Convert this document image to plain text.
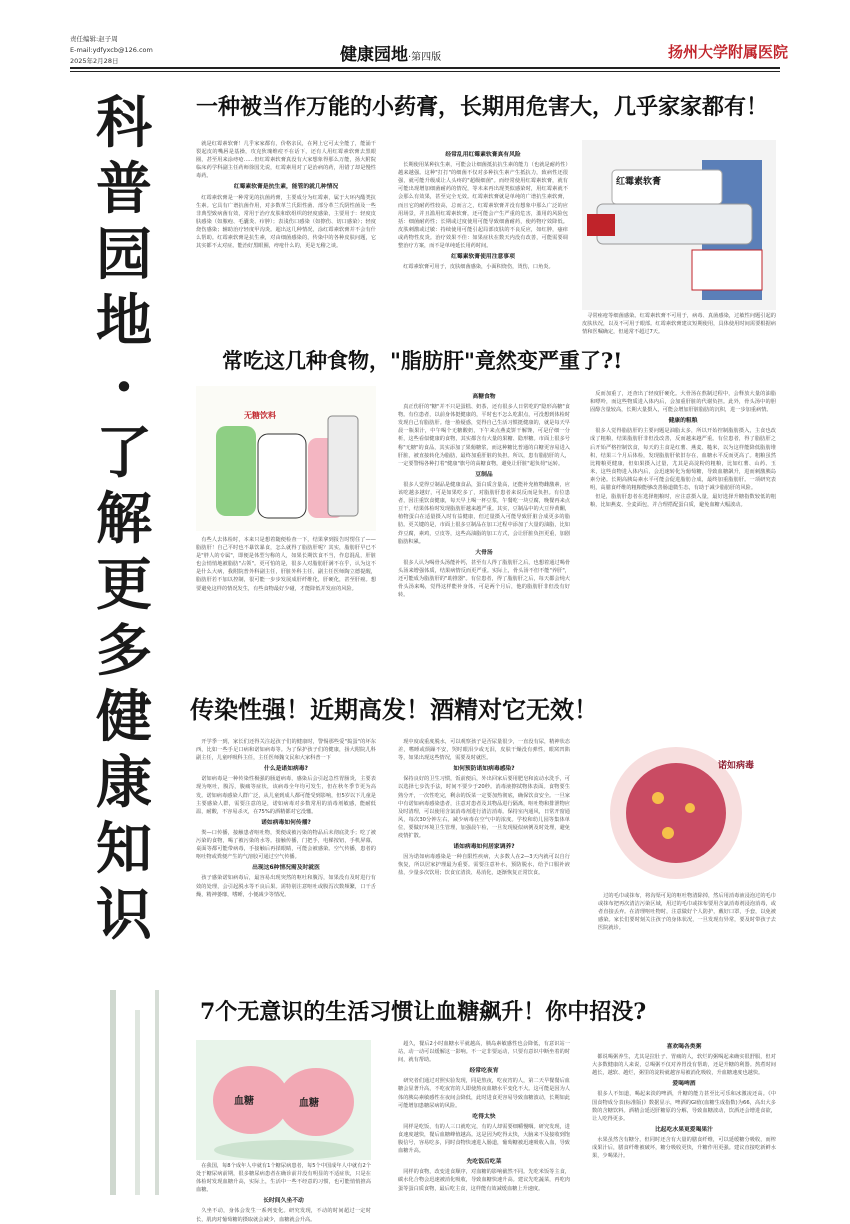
责任编辑:赵子周
E-mail:ydfyxcb@126.com
2025年2月28日	健康园地·第四版	扬州大学附属医院
科
普
园
地
·
了
解
更
多
健
康
知
识
一种被当作万能的小药膏，长期用危害大，几乎家家都有！

就是红霉素软膏！几乎家家都有，价格亲民，在网上它可太全能了，能涌干裂起皮的嘴唇是基操，攻克狄瑰维痘不在话下，还有人用红霉素软膏去黑眼圈，甚至用来涂痔疮……但红霉素软膏真没有大家想象得那么万能，扬大附院临床药学科副主任药师徐国先说，红霉素用对了是治病的药，用错了却是慢性毒药。

红霉素软膏是抗生素，能管的就几种情况

红霉素软膏是一种常见的抗菌药膏，主要成分为红霉素，属于大环内酯类抗生素。它具有广谱抗菌作用，对多数革兰氏阳性菌、部分革兰氏阴性菌及一些非典型致病菌有效，常用于治疗皮肤和软组织的轻度感染，主要用于：轻度皮肤感染（如脓疱、毛囊炎、疖肿）；表浅伤口感染（如擦伤、切口感染）；轻度烧伤感染；辅助治疗轻度甲沟炎。超出这几种情况，涂红霉素软膏并不会有什么帮助。红霉素软膏是抗生素，对由细菌感染的，传染中的各种皮肤问题，它其实都不太对症。能治好黑眼圈，痔疮什么的，更是无稽之谈。

经常乱用红霉素软膏真有风险

长期使用某种抗生素，可能会让细菌抵抗抗生素的能力（也就是耐药性）越来越强。这种"打打"的细菌不仅对多种抗生素产生抵抗力，致病性还很强，就可能升级成让人头疼的"超级细菌"。而经常使用红霉素软膏，就有可能出现增加细菌耐药的情况，等未来再出现类似感染时，用红霉素就不会那么有效果，甚至完全无效。红霉素软膏就是单纯的广谱抗生素软膏，而且它的耐药性较高，总而言之，红霉素软膏并没有想象中那么广泛的应用场景，并且滥用红霉素软膏，还可能会产生严重的危害，滥用的风险包括：细菌耐药性；长期或过度使用可能导致细菌耐药，使药物疗效降低。皮肤刺激或过敏：持续使用可能引起局部皮肤的不良反应，如红肿，瘙痒或药物性皮炎。治疗效果不佳：如果症状在数天内没有改善，可能需要调整治疗方案，而不是单纯延长用药时间。

红霉素软膏使用注意事项

红霉素软膏可用于，皮肤细菌感染，小面积烧伤，烫伤，口角炎。

红霉素软膏

寻常痤疮等细菌感染。红霉素软膏不可用于，病毒、真菌感染，过敏性问题引起的皮肤状况，以及不可用于眼部。红霉素软膏建议短期使用，具体使用时间需要根据病情和医嘱确定，但通常不超过7天。

常吃这几种食物，"脂肪肝"竟然变严重了?!
无糖饮料

有些人去体检时，本来只是想着随便检查一下，结果拿到报告时愣住了——脂肪肝！自己平时也不暴饮暴食，怎么就得了脂肪肝呢？其实，脂肪肝早已不是"胖人的专属"，即便是体型匀称的人，如果长期饮食不当，作息混乱，肝脏也会悄悄地被脂肪"占领"。更可怕的是，很多人对脂肪肝满不在乎，认为这不是什么大病，我附院普外科副主任，肝脏外科主任、副主任医师陶立德提醒，脂肪肝若不加以控制，很可能一步步发展成肝纤维化，肝硬化，甚至肝癌。想要避免这样的情况发生，有些食物最好少碰，才能降低并发症的风险。

高糖食物

真正伤肝的"糖"并不只是蛋糕、奶茶，还有很多人日常吃的"隐形高糖"食物。有位患者，以前身体挺健康的，平时也不怎么吃甜点，可没想到体检时发现自己有脂肪肝。他一脸疑惑，觉得自己生活习惯挺健康的，就是每天早晨一瓶果汁，中午喝个无糖酸奶，下午来点燕麦饼干解馋，可是仔细一分析，这些看似健康的食物，其实都含有大量的果糖、隐形糖。市面上很多号称"无糖"的食品，其实添加了果葡糖浆，而这种糖比普通的白糖更容易进入肝脏，被直接转化为脂肪，最终加重肝脏的负担。所以，患有脂肪肝的人，一定要警惕各种打着"健康"旗号的高糖食物，避免让肝脏"超负荷"运转。

豆制品

很多人觉得豆制品是健康食品，蛋白质含量高，还能补充植物雌激素，应该吃越多越好，可是如果吃多了，对脂肪肝患者来说反而是负担。有位患者，因注重饮食健康，每天早上喝一杯豆浆，午餐吃一块豆腐，晚餐再来点豆干，结果体检时发现脂肪肝越来越严重。其实，豆制品中的大豆异黄酮，植物蛋白在适量摄入时有益健康，但过量摄入可能导致肝脏合成更多的脂肪。更关键的是，市面上很多豆制品在加工过程中添加了大量的油脂，比如炸豆腐，素鸡，豆皮等，这些高油脂的加工方式，会让肝脏负担更重，加剧脂肪积累。

大骨汤

很多人认为喝骨头汤能补钙，甚至有人得了脂肪肝之后，也想着通过喝骨头汤来增强体质，结果病情反而更严重。实际上，骨头汤不但不能"养肝"，还可能成为脂肪肝的"助推器"。有位患者，得了脂肪肝之后，每天都会炖大骨头汤来喝，觉得这样能补身体，可是两个月后，他的脂肪肝非但没有好转。

反而加重了，还查出了轻度肝硬化。大骨汤在熬制过程中，会释放大量的油脂和嘌呤，而这些物质进入体内后，会加重肝脏的代谢负担。此外，骨头汤中的胆固醇含量较高，长期大量摄入，可能会增加肝脏脂肪的沉积，进一步加重病情。

健康的粗粮

很多人觉得脂肪肝的主要问题是油脂太多，所以开始控制脂肪摄入，主食也改成了粗粮，结果脂肪肝非但没改善，反而越来越严重。有位患者，得了脂肪肝之后开始严格控制饮食，每天的主食是红薯、燕麦、糙米，以为这样能降低脂肪堆积，结果三个月后体检，发现脂肪肝依旧存在，血糖水平反而更高了。粗粮虽然比精粮更健康，但如果摄入过量，尤其是高淀粉的粗粮，比如红薯、山药、玉米，这些食物进入体内后，会迅速转化为葡萄糖，导致血糖飙升，进而刺激胰岛素分泌。长期高胰岛素水平可能会促进脂肪合成，最终加重脂肪肝。一项研究表明，高膳食纤维的粗粮能够改善肠道微生态，有助于减少脂肪肝的风险。

但是，脂肪肝患者在选择粗粮时，应注意摄入量，最好选择升糖指数较低的粗粮，比如燕麦、全麦面包，并合理搭配蛋白质，避免血糖大幅波动。

传染性强！近期高发！酒精对它无效！

开学季一到，家长们还得关注起孩子们的健康时，警惕那些爱"捣蛋"的坏东西，比如一些手足口病和诺如病毒等。为了保护孩子们的健康，扬大附院儿科副主任，儿童呼吸科主任，主任医师魏文民和大家科普一下

什么是诺如病毒?

诺如病毒是一种传染性极强的肠道病毒，感染后会引起急性胃肠炎，主要表现为呕吐，腹泻，腹痛等症状，该病毒全年均可发生，但在秋冬季节更为高发。诺如病毒感染人群广泛，从儿童到成人都可能受到影响，但5岁以下儿童是主要感染人群，需要注意的是，诺如病毒对多数常用的消毒剂敏感，能耐低温，耐酸，不容易杀灭，在75%的酒精都对它没辙。

诺如病毒如何传播?

粪—口传播，接触患者呕吐物，粪便或被污染的物品后未彻底洗手；吃了被污染的食物，喝了被污染的水等。接触传播，门把手，电梯按钮，手机屏幕，桌面等都可能带病毒，手接触后再揉眼睛，可能会被感染。空气传播，患者的呕吐物或粪便产生的气溶胶可通过空气传播。

出现这6种情况需及时就医

孩子感染诺如病毒后，最容易出现突然的呕吐和腹泻，如果没有及时进行有效的处理，会引起脱水等不良后果。需特别注意呕吐或腹泻次数频繁，口干舌燥，精神萎靡，嗜睡，小便减少等情况。

现中度或重度脱水，可以观察孩子是否尿量很少，一直没有尿，精神状态差，嗜睡或烦躁不安，哭时眼泪少或无泪，皮肤干燥没有弹性，眼窝凹陷等，如果出现这些情况，需要及时就医。

如何预防诺如病毒感染?

保持良好的卫生习惯，饭前便后，外出回家后要用肥皂和流动水洗手，可以选择七步洗手法，时间不要少于20秒。消毒液擦拭物体表面。食物要生熟分开，一次性吃完，剩余的饭菜一定要加热彻底，确保饮食安全。一旦家中有诺如病毒感染患者，注意对患者及其物品进行隔离，呕吐物和排泄物应及时清理，可以使用含氯消毒剂进行清洁消毒。保持室内通风，日常开窗通风，每次30分钟左右，减少病毒在空气中的浓度。学校和幼儿园等集体单位，要做好环境卫生管理，加强晨午检，一旦发现疑似病例及时处理，避免疫情扩散。

诺如病毒如何居家调养?

因为诺如病毒感染是一种自限性疾病，大多数人在2—3天内就可以自行恢复，所以居家护理最为重要。需要注意补水，预防脱水，给予口服补液盐，少量多次饮用；饮食宜清淡、易消化，逐渐恢复正常饮食。

诺如病毒

过的毛巾或抹布，将沟渠可见的呕吐物清除掉，然后用消毒液浸泡过的毛巾或抹布把再次清洁污染区域，用过的毛巾或抹布要用含氯消毒剂浸泡消毒，或者直接丢弃。在清理呕吐物时，注意做好个人防护，戴好口罩，手套，以免被感染。家长们要时刻关注孩子的身体状况，一旦发现有异常，要及时带孩子去医院就诊。

7个无意识的生活习惯让血糖飙升！你中招没?
血糖	血糖

在我国，每8个成年人中就有1个糖尿病患者，每5个中国成年人中就有2个处于糖尿病前期，很多糖尿病患者在确诊前并没有明显的不适症状，只是在体检时发现血糖升高，实际上，生活中一些不经意的习惯，也可能悄悄推高血糖。

长时间久坐不动

久坐不动，身体会发生一系列变化。研究发现，不动的时间超过一定时长，肌肉对葡萄糖的摄取就会减少，血糖就会升高。

超久，餐后2小时血糖水平就越高，胰岛素敏感性也会降低，有意识站一站，动一动可以缓解这一影响。不一定非要运动，只要有意识中断坐着的时间，就有帮助。

经常吃夜宵

研究者们通过对照实验发现，同是熬夜，吃夜宵的人，第二天早餐餐后血糖会显著升高，不吃夜宵的人即使熬夜血糖水平变化不大。这可能是因为人体的胰岛素敏感性在夜间会降低，此时进食更容易导致血糖波动，长期如此可能增加患糖尿病的风险。

吃得太快

同样是吃饭，有的人三口就吃完，有的人却需要细嚼慢咽。研究发现，进食速度越快，餐后血糖峰值越高。这是因为吃得太快，大脑来不及接收到饱腹信号，容易吃多，同时食物快速进入肠道，葡萄糖被迅速吸收入血，导致血糖升高。

先吃饭后吃菜

同样的食物，改变进食顺序，对血糖的影响截然不同。先吃米饭等主食，碳水化合物会迅速被消化吸收，导致血糖快速升高。建议先吃蔬菜，再吃肉蛋等蛋白质食物，最后吃主食，这样能有效减缓血糖上升速度。

喜欢喝各类粥

都说喝粥养生，尤其是拉肚子、胃痛的人，软烂的粥喝起来确实很舒服，但对大多数健康的人来说，总喝粥不仅对养胃没有帮助，还是升糖的利器。熬煮时间越长，越软、越烂，粥里的淀粉就越容易被消化吸收，升血糖速度也越快。

爱喝啤酒

很多人不知道，喝起来淡的啤酒，升糖的能力甚至比可乐和冰激凌还高。《中国食物成分表(标准版)》数据显示，啤酒的GI值(血糖生成指数)为66，高出大多数的含糖饮料。酒精会延迟肝糖原的分解，导致血糖波动，饮酒还会增进食欲，让人吃得更多。

比起吃水果更爱喝果汁

水果虽然含有糖分，但同时还含有大量的膳食纤维，可以延缓糖分吸收，而榨成果汁后，膳食纤维被破坏，糖分吸收更快，升糖作用更强。建议直接吃新鲜水果，少喝果汁。
